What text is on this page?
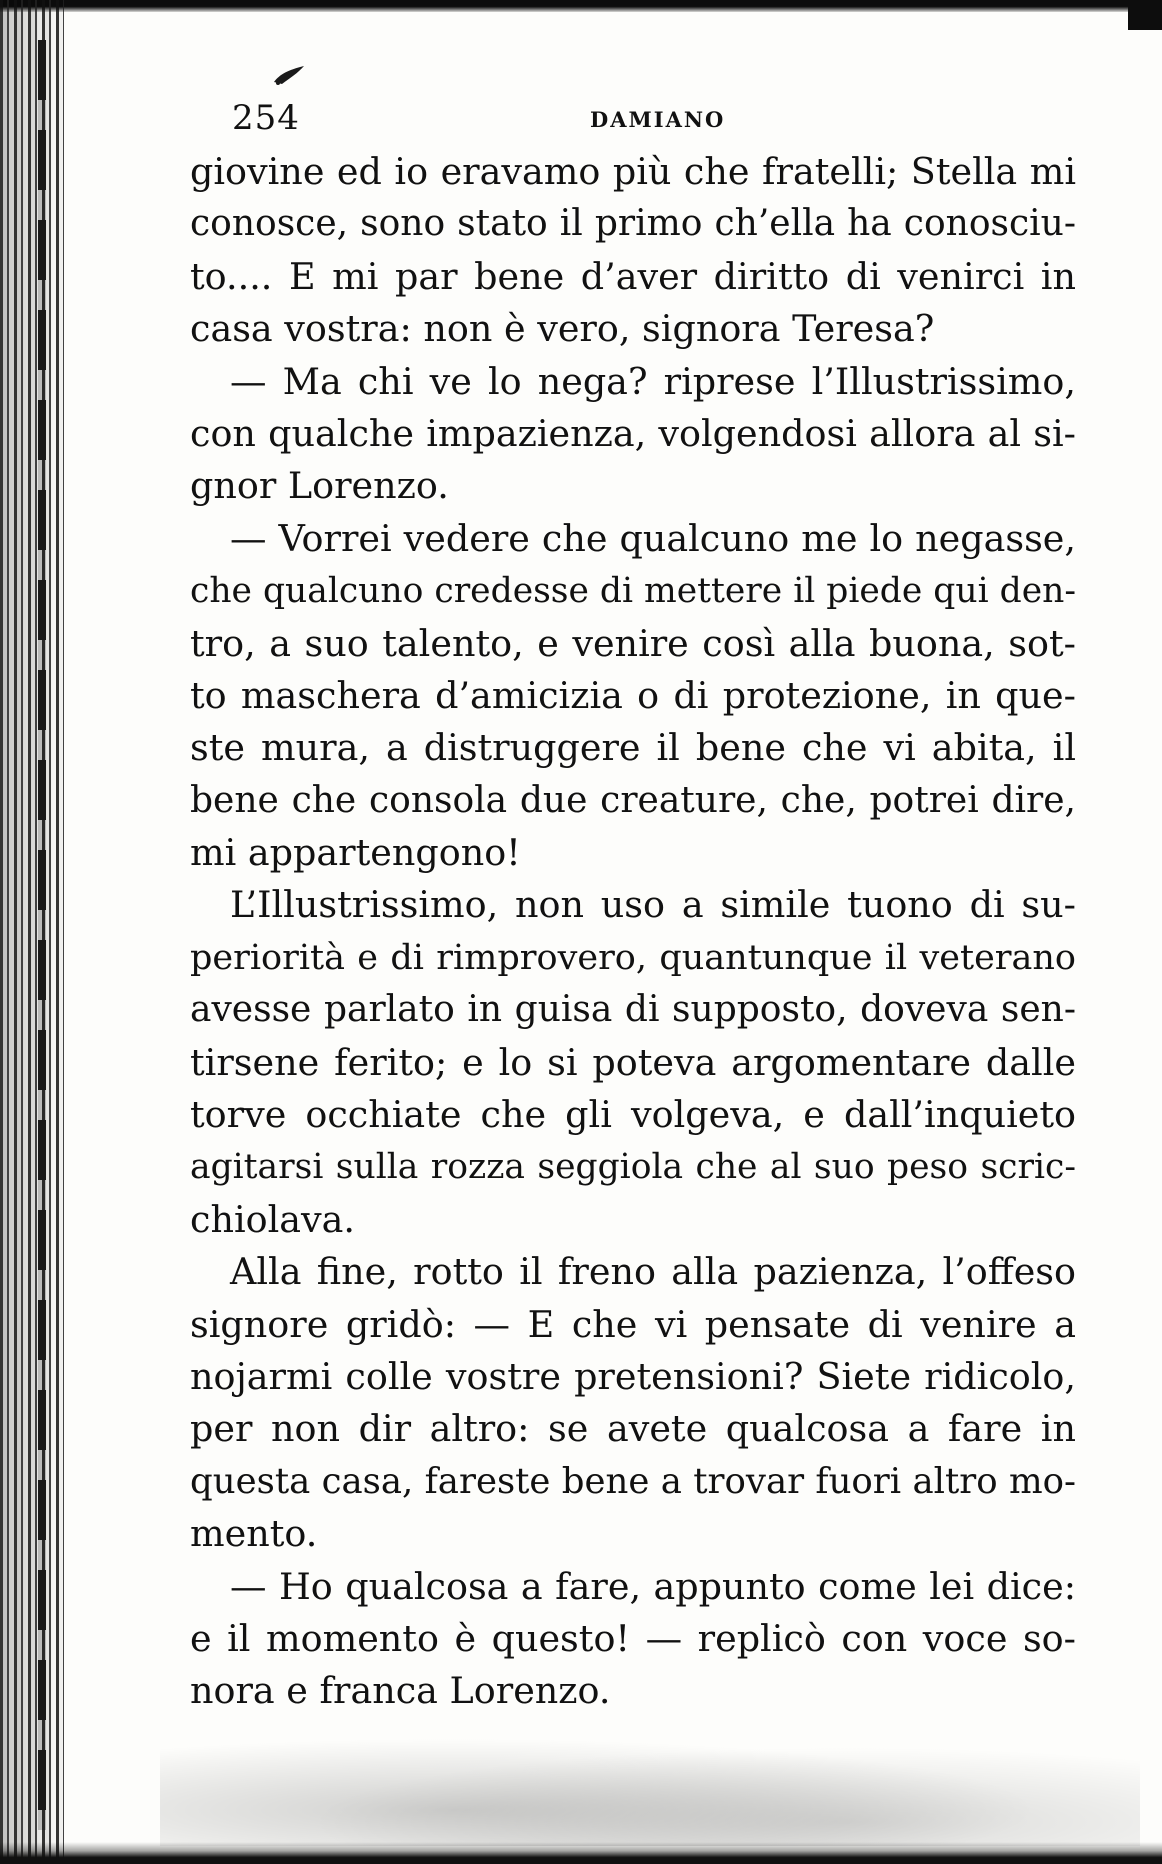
254	DAMIANO
giovine ed io eravamo più che fratelli; Stella mi
conosce, sono stato il primo ch’ella ha conosciu-
to.... E mi par bene d’aver diritto di venirci in
casa vostra: non è vero, signora Teresa?
— Ma chi ve lo nega? riprese l’Illustrissimo,
con qualche impazienza, volgendosi allora al si-
gnor Lorenzo.
— Vorrei vedere che qualcuno me lo negasse,
che qualcuno credesse di mettere il piede qui den-
tro, a suo talento, e venire così alla buona, sot-
to maschera d’amicizia o di protezione, in que-
ste mura, a distruggere il bene che vi abita, il
bene che consola due creature, che, potrei dire,
mi appartengono!
L’Illustrissimo, non uso a simile tuono di su-
periorità e di rimprovero, quantunque il veterano
avesse parlato in guisa di supposto, doveva sen-
tirsene ferito; e lo si poteva argomentare dalle
torve occhiate che gli volgeva, e dall’inquieto
agitarsi sulla rozza seggiola che al suo peso scric-
chiolava.
Alla fine, rotto il freno alla pazienza, l’offeso
signore gridò: — E che vi pensate di venire a
nojarmi colle vostre pretensioni? Siete ridicolo,
per non dir altro: se avete qualcosa a fare in
questa casa, fareste bene a trovar fuori altro mo-
mento.
— Ho qualcosa a fare, appunto come lei dice:
e il momento è questo! — replicò con voce so-
nora e franca Lorenzo.
